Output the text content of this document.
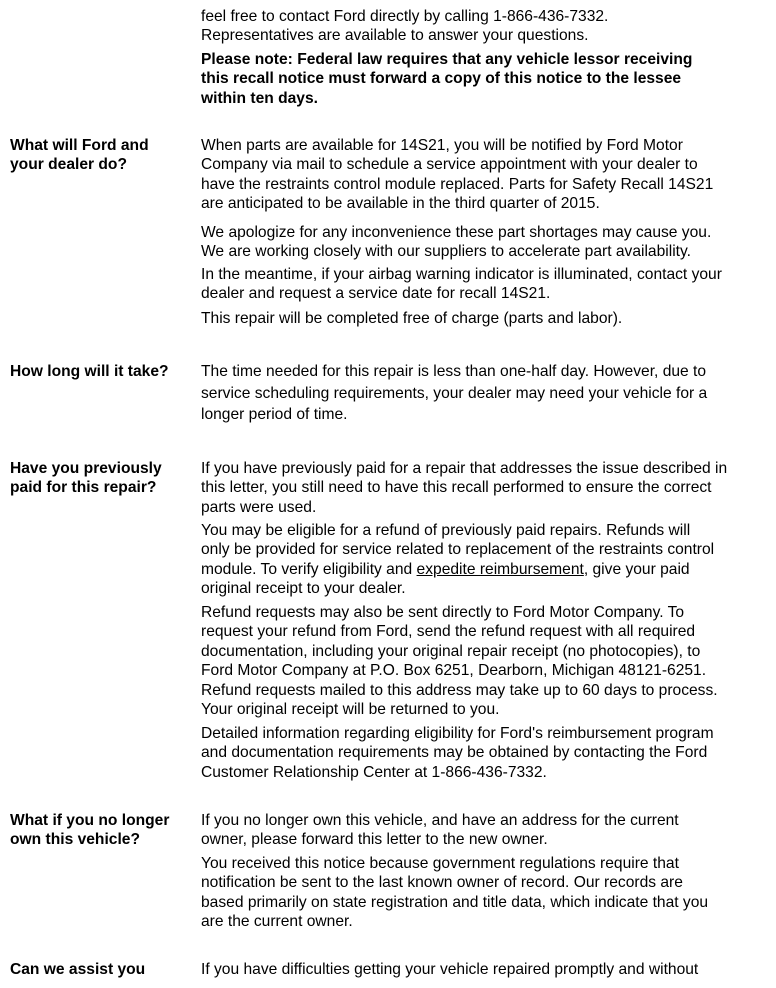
feel free to contact Ford directly by calling 1-866-436-7332.

Representatives are available to answer your questions.

Please note: Federal law requires that any vehicle lessor receiving
this recall notice must forward a copy of this notice to the lessee
within ten days.

What will Ford and
your dealer do?

When parts are available for 14S21, you will be notified by Ford Motor
Company via mail to schedule a service appointment with your dealer to
have the restraints control module replaced. Parts for Safety Recall 14S21
are anticipated to be available in the third quarter of 2015.

We apologize for any inconvenience these part shortages may cause you.
We are working closely with our suppliers to accelerate part availability.

In the meantime, if your airbag warning indicator is illuminated, contact your
dealer and request a service date for recall 14S21.

This repair will be completed free of charge (parts and labor).

How long will it take?	The time needed for this repair is less than one-half day. However, due to
service scheduling requirements, your dealer may need your vehicle for a
longer period of time.

Have you previously
paid for this repair?

If you have previously paid for a repair that addresses the issue described in
this letter, you still need to have this recall performed to ensure the correct
parts were used.

You may be eligible for a refund of previously paid repairs. Refunds will
only be provided for service related to replacement of the restraints control
module. To verify eligibility and expedite reimbursement, give your paid
original receipt to your dealer.

Refund requests may also be sent directly to Ford Motor Company. To
request your refund from Ford, send the refund request with all required
documentation, including your original repair receipt (no photocopies), to
Ford Motor Company at P.O. Box 6251, Dearborn, Michigan 48121-6251.
Refund requests mailed to this address may take up to 60 days to process.
Your original receipt will be returned to you.

Detailed information regarding eligibility for Ford's reimbursement program
and documentation requirements may be obtained by contacting the Ford
Customer Relationship Center at 1-866-436-7332.

What if you no longer
own this vehicle?

If you no longer own this vehicle, and have an address for the current
owner, please forward this letter to the new owner.

You received this notice because government regulations require that
notification be sent to the last known owner of record. Our records are
based primarily on state registration and title data, which indicate that you
are the current owner.

Can we assist you	If you have difficulties getting your vehicle repaired promptly and without
